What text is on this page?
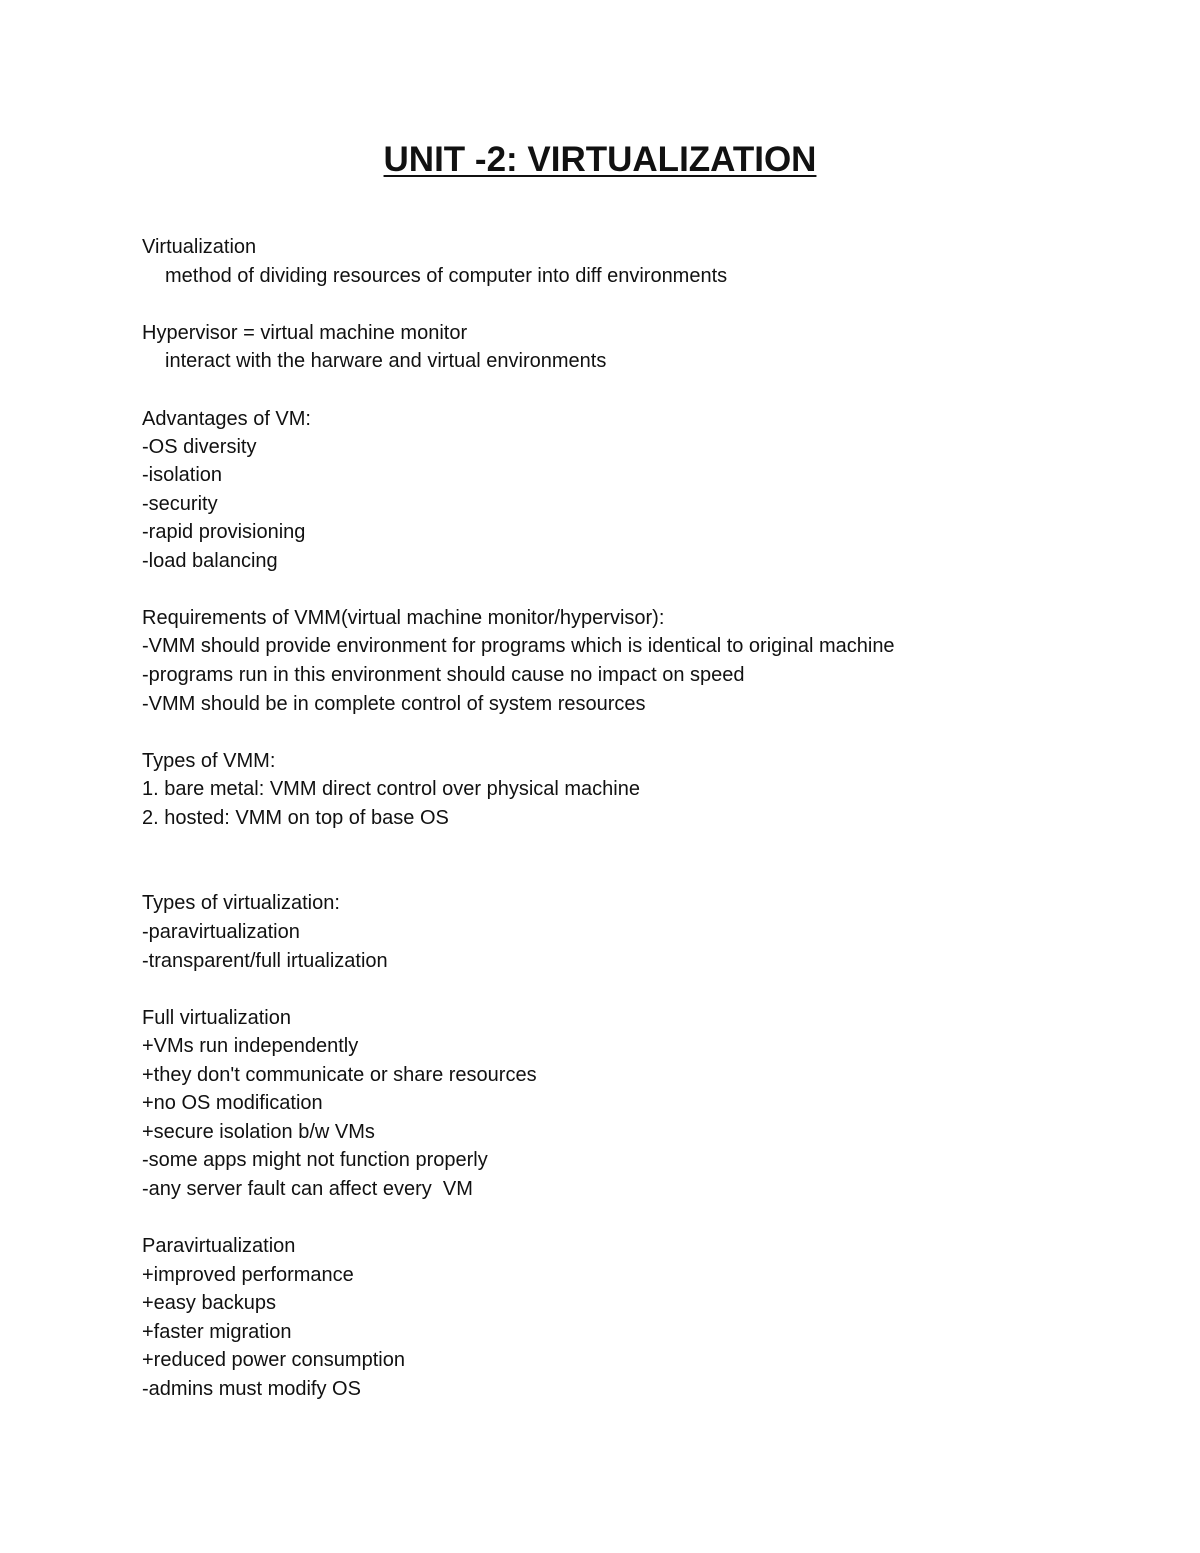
UNIT -2: VIRTUALIZATION

Virtualization

method of dividing resources of computer into diff environments

Hypervisor = virtual machine monitor

interact with the harware and virtual environments

Advantages of VM:

-OS diversity

-isolation

-security

-rapid provisioning

-load balancing

Requirements of VMM(virtual machine monitor/hypervisor):

-VMM should provide environment for programs which is identical to original machine

-programs run in this environment should cause no impact on speed

-VMM should be in complete control of system resources

Types of VMM:

1. bare metal: VMM direct control over physical machine

2. hosted: VMM on top of base OS

Types of virtualization:

-paravirtualization

-transparent/full irtualization

Full virtualization

+VMs run independently

+they don't communicate or share resources

+no OS modification

+secure isolation b/w VMs

-some apps might not function properly

-any server fault can affect every  VM

Paravirtualization

+improved performance

+easy backups

+faster migration

+reduced power consumption

-admins must modify OS
